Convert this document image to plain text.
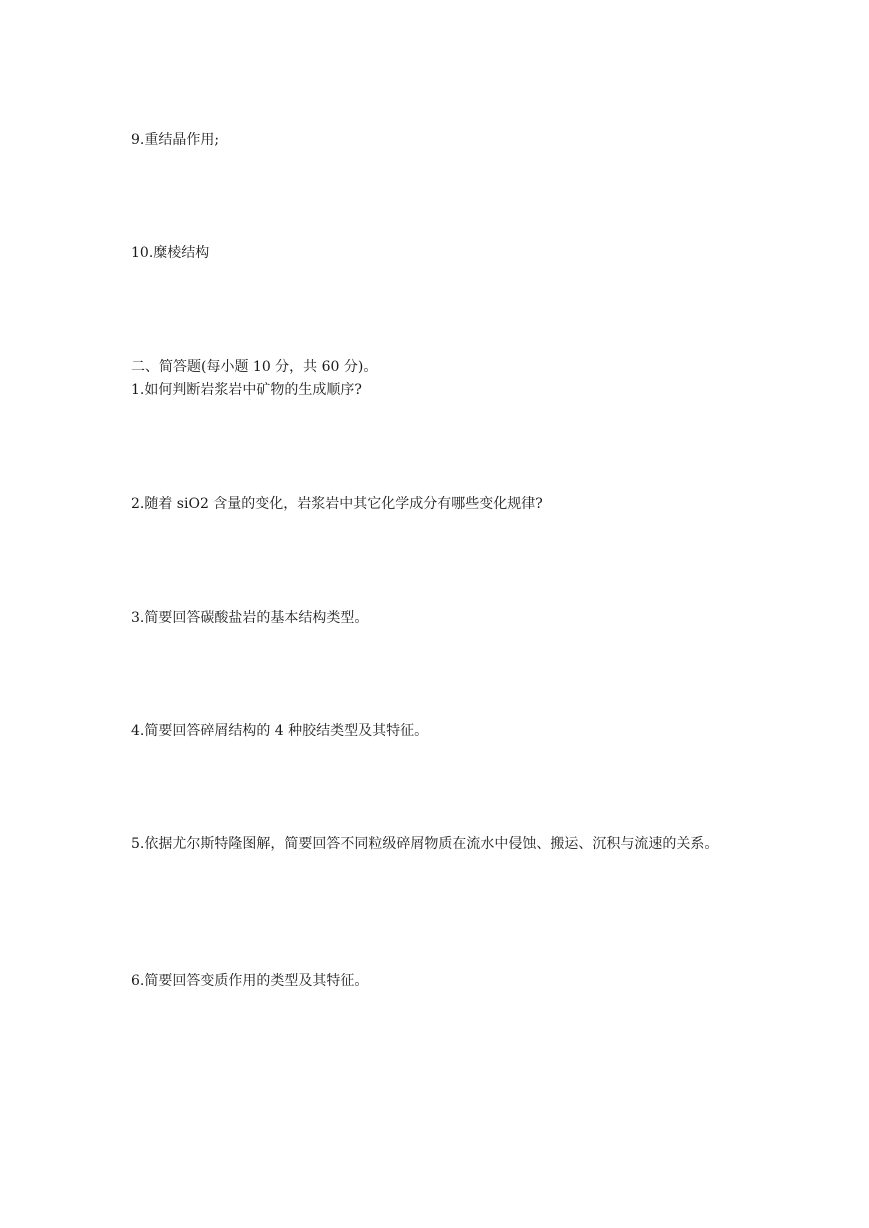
9.重结晶作用;
10.糜棱结构
二、简答题(每小题 10 分，共 60 分)。
1.如何判断岩浆岩中矿物的生成顺序?
2.随着 siO2 含量的变化，岩浆岩中其它化学成分有哪些变化规律?
3.简要回答碳酸盐岩的基本结构类型。
4.简要回答碎屑结构的 4 种胶结类型及其特征。
5.依据尤尔斯特隆图解，简要回答不同粒级碎屑物质在流水中侵蚀、搬运、沉积与流速的关系。
6.简要回答变质作用的类型及其特征。
